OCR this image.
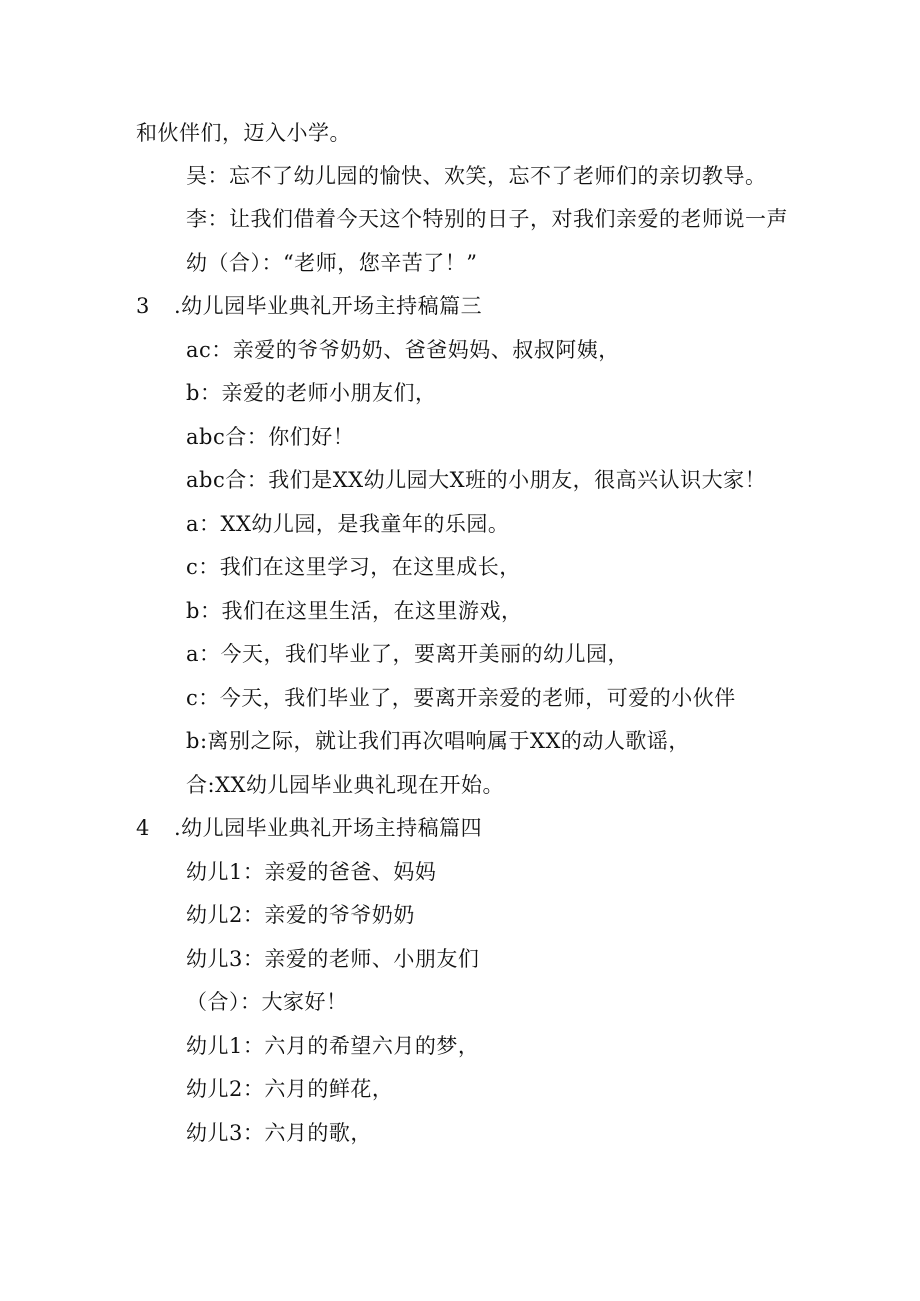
和伙伴们，迈入小学。
吴：忘不了幼儿园的愉快、欢笑，忘不了老师们的亲切教导。
李：让我们借着今天这个特别的日子，对我们亲爱的老师说一声
幼（合）：“老师，您辛苦了！”
3 .幼儿园毕业典礼开场主持稿篇三
ac：亲爱的爷爷奶奶、爸爸妈妈、叔叔阿姨，
b：亲爱的老师小朋友们，
abc合：你们好！
abc合：我们是XX幼儿园大X班的小朋友，很高兴认识大家！
a：XX幼儿园，是我童年的乐园。
c：我们在这里学习，在这里成长，
b：我们在这里生活，在这里游戏，
a：今天，我们毕业了，要离开美丽的幼儿园，
c：今天，我们毕业了，要离开亲爱的老师，可爱的小伙伴
b:离别之际，就让我们再次唱响属于XX的动人歌谣，
合:XX幼儿园毕业典礼现在开始。
4 .幼儿园毕业典礼开场主持稿篇四
幼儿1：亲爱的爸爸、妈妈
幼儿2：亲爱的爷爷奶奶
幼儿3：亲爱的老师、小朋友们
（合）：大家好！
幼儿1：六月的希望六月的梦，
幼儿2：六月的鲜花，
幼儿3：六月的歌，
